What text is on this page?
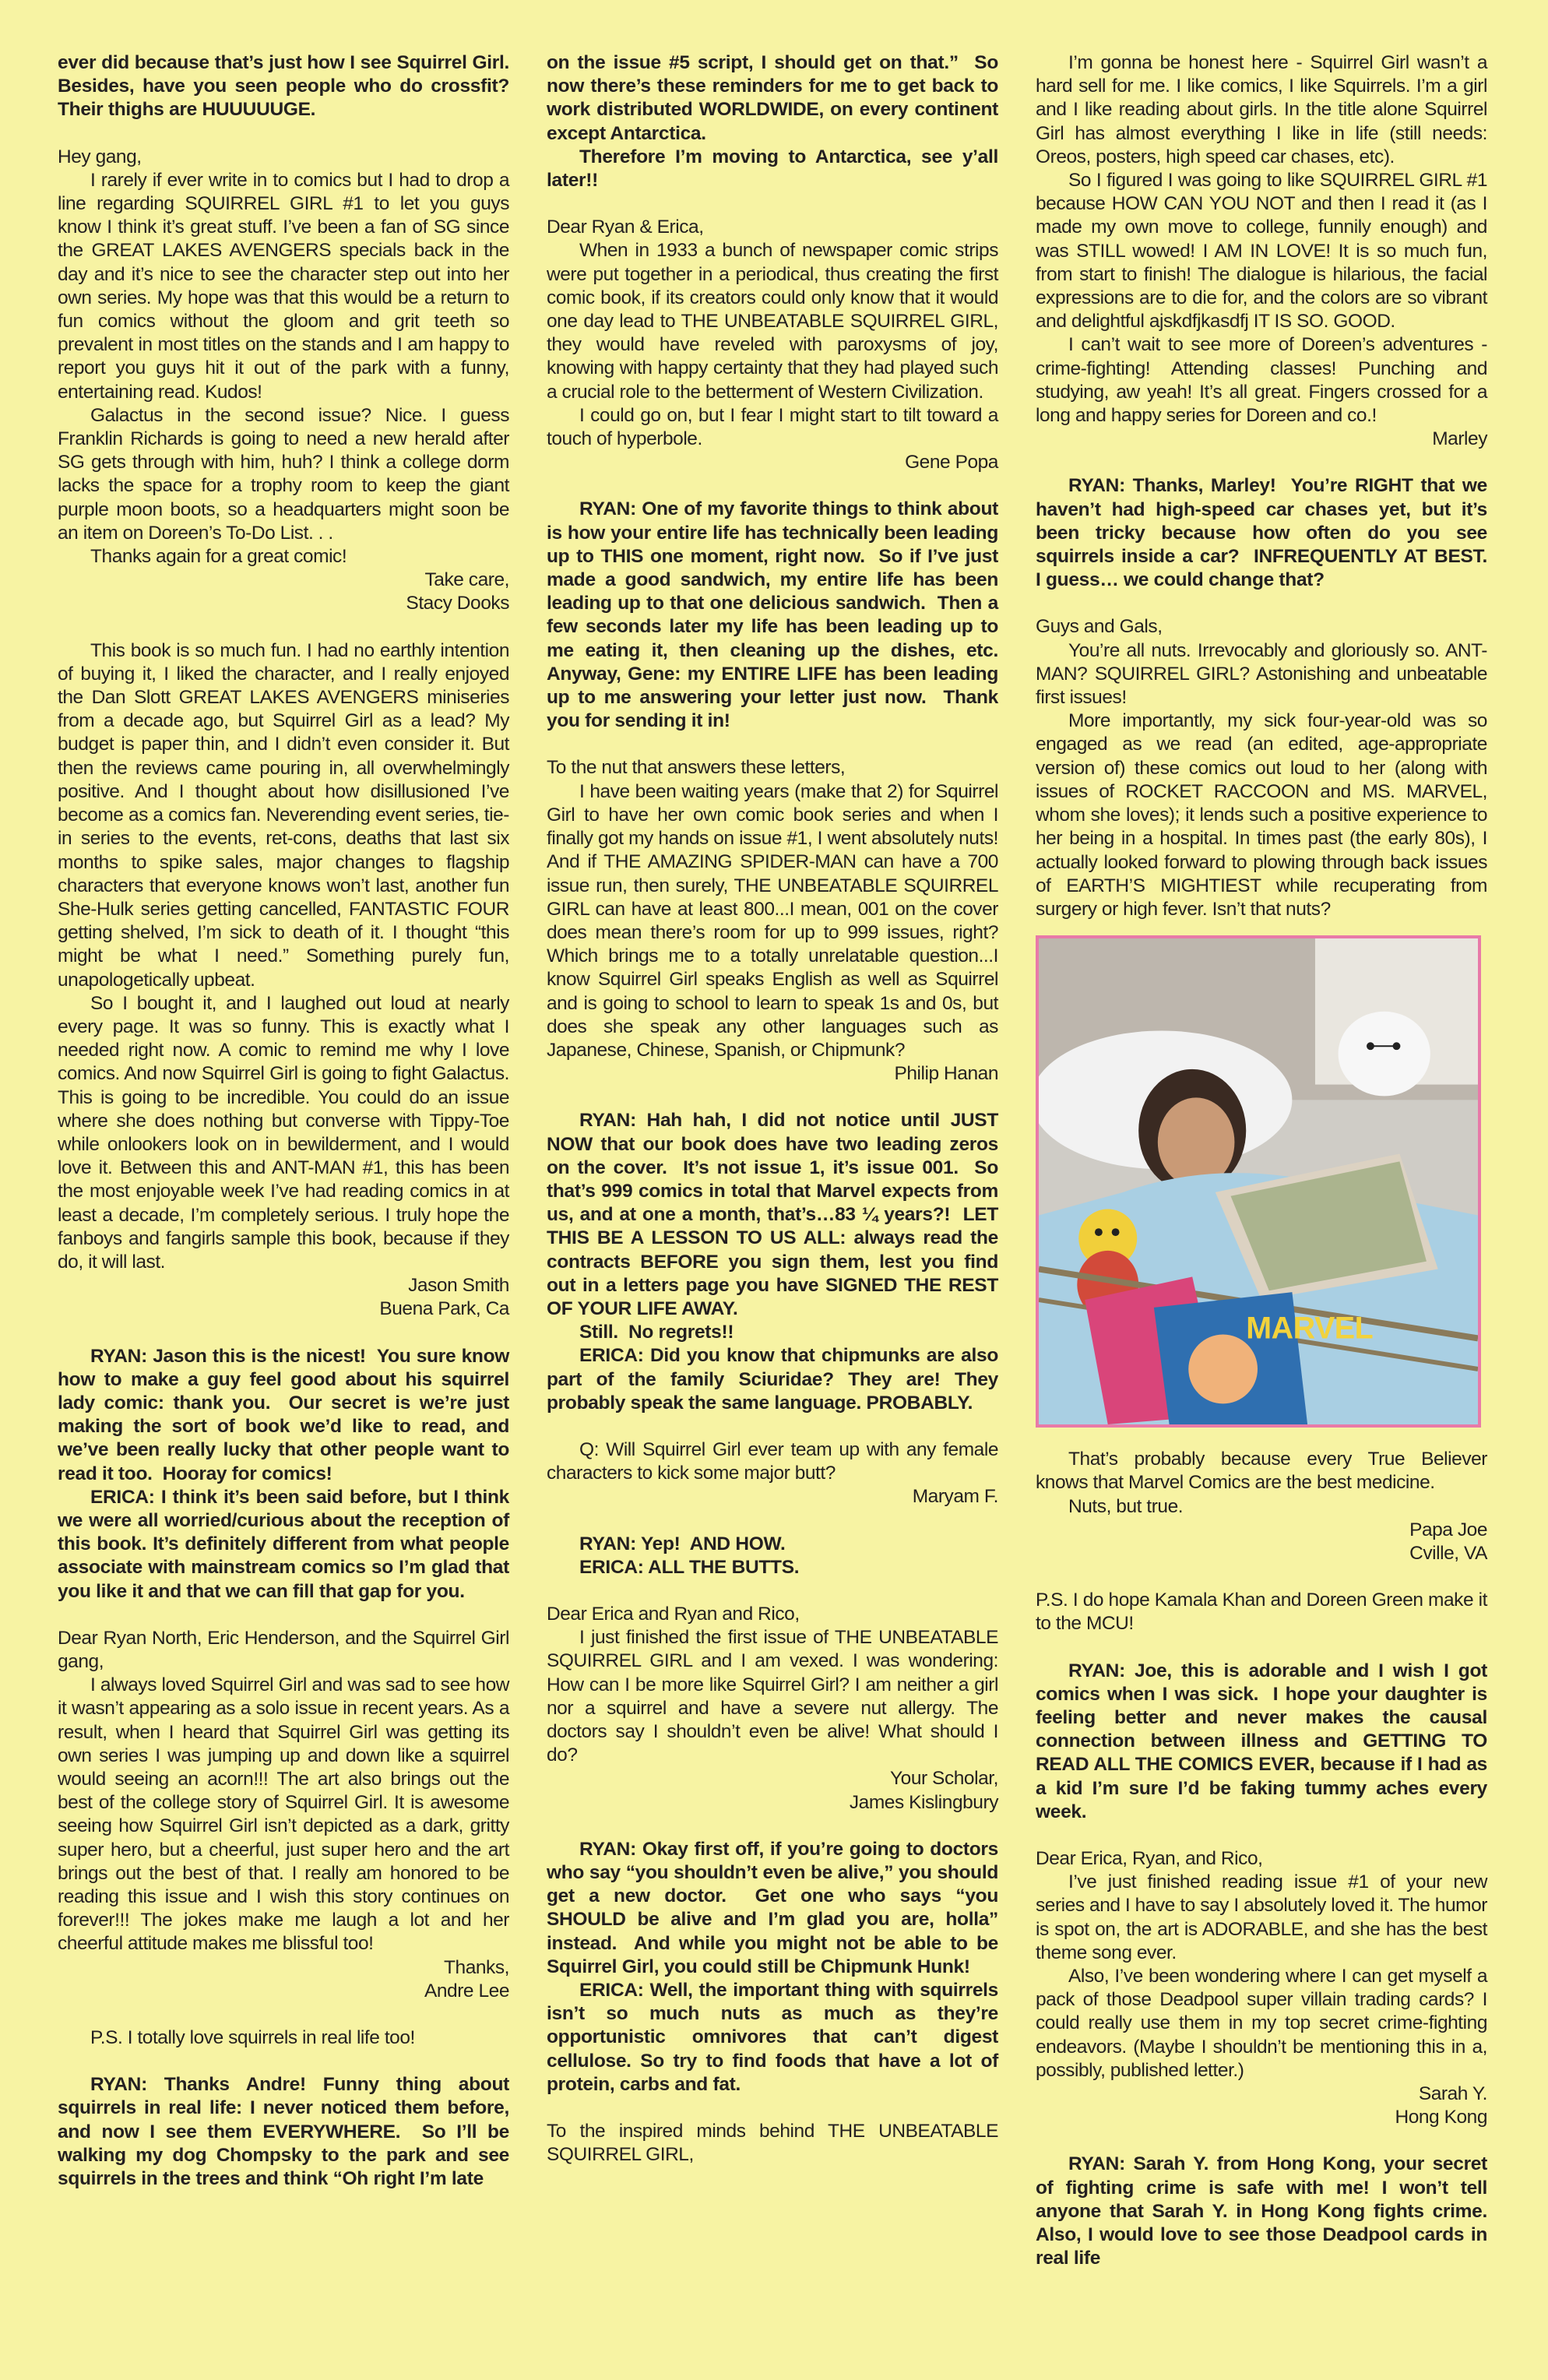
ever did because that’s just how I see Squirrel Girl. Besides, have you seen people who do crossfit? Their thighs are HUUUUUGE.

Hey gang,

I rarely if ever write in to comics but I had to drop a line regarding SQUIRREL GIRL #1 to let you guys know I think it’s great stuff. I’ve been a fan of SG since the GREAT LAKES AVENGERS specials back in the day and it’s nice to see the character step out into her own series. My hope was that this would be a return to fun comics without the gloom and grit teeth so prevalent in most titles on the stands and I am happy to report you guys hit it out of the park with a funny, entertaining read. Kudos!

Galactus in the second issue? Nice. I guess Franklin Richards is going to need a new herald after SG gets through with him, huh? I think a college dorm lacks the space for a trophy room to keep the giant purple moon boots, so a headquarters might soon be an item on Doreen’s To-Do List. . .

Thanks again for a great comic!

Take care,

Stacy Dooks

This book is so much fun. I had no earthly intention of buying it, I liked the character, and I really enjoyed the Dan Slott GREAT LAKES AVENGERS miniseries from a decade ago, but Squirrel Girl as a lead? My budget is paper thin, and I didn’t even consider it. But then the reviews came pouring in, all overwhelmingly positive. And I thought about how disillusioned I’ve become as a comics fan. Neverending event series, tie-in series to the events, ret-cons, deaths that last six months to spike sales, major changes to flagship characters that everyone knows won’t last, another fun She-Hulk series getting cancelled, FANTASTIC FOUR getting shelved, I’m sick to death of it. I thought “this might be what I need.” Something purely fun, unapologetically upbeat.

So I bought it, and I laughed out loud at nearly every page. It was so funny. This is exactly what I needed right now. A comic to remind me why I love comics. And now Squirrel Girl is going to fight Galactus. This is going to be incredible. You could do an issue where she does nothing but converse with Tippy-Toe while onlookers look on in bewilderment, and I would love it. Between this and ANT-MAN #1, this has been the most enjoyable week I’ve had reading comics in at least a decade, I’m completely serious. I truly hope the fanboys and fangirls sample this book, because if they do, it will last.

Jason Smith

Buena Park, Ca

RYAN: Jason this is the nicest!  You sure know how to make a guy feel good about his squirrel lady comic: thank you.  Our secret is we’re just making the sort of book we’d like to read, and we’ve been really lucky that other people want to read it too.  Hooray for comics!

ERICA: I think it’s been said before, but I think we were all worried/curious about the reception of this book. It’s definitely different from what people associate with mainstream comics so I’m glad that you like it and that we can fill that gap for you.

Dear Ryan North, Eric Henderson, and the Squirrel Girl gang,

I always loved Squirrel Girl and was sad to see how it wasn’t appearing as a solo issue in recent years. As a result, when I heard that Squirrel Girl was getting its own series I was jumping up and down like a squirrel would seeing an acorn!!! The art also brings out the best of the college story of Squirrel Girl. It is awesome seeing how Squirrel Girl isn’t depicted as a dark, gritty super hero, but a cheerful, just super hero and the art brings out the best of that. I really am honored to be reading this issue and I wish this story continues on forever!!! The jokes make me laugh a lot and her cheerful attitude makes me blissful too!

Thanks,

Andre Lee

P.S. I totally love squirrels in real life too!

RYAN: Thanks Andre! Funny thing about squirrels in real life: I never noticed them before, and now I see them EVERYWHERE.  So I’ll be walking my dog Chompsky to the park and see squirrels in the trees and think “Oh right I’m late

on the issue #5 script, I should get on that.”  So now there’s these reminders for me to get back to work distributed WORLDWIDE, on every continent except Antarctica.

Therefore I’m moving to Antarctica, see y’all later!!

Dear Ryan & Erica,

When in 1933 a bunch of newspaper comic strips were put together in a periodical, thus creating the first comic book, if its creators could only know that it would one day lead to THE UNBEATABLE SQUIRREL GIRL, they would have reveled with paroxysms of joy, knowing with happy certainty that they had played such a crucial role to the betterment of Western Civilization.

I could go on, but I fear I might start to tilt toward a touch of hyperbole.

Gene Popa

RYAN: One of my favorite things to think about is how your entire life has technically been leading up to THIS one moment, right now.  So if I’ve just made a good sandwich, my entire life has been leading up to that one delicious sandwich.  Then a few seconds later my life has been leading up to me eating it, then cleaning up the dishes, etc.  Anyway, Gene: my ENTIRE LIFE has been leading up to me answering your letter just now.  Thank you for sending it in!

To the nut that answers these letters,

I have been waiting years (make that 2) for Squirrel Girl to have her own comic book series and when I finally got my hands on issue #1, I went absolutely nuts!  And if THE AMAZING SPIDER-MAN can have a 700 issue run, then surely, THE UNBEATABLE SQUIRREL GIRL can have at least 800...I mean, 001 on the cover does mean there’s room for up to 999 issues, right?   Which brings me to a totally unrelatable question...I know Squirrel Girl speaks English as well as Squirrel and is going to school to learn to speak 1s and 0s, but does she speak any other languages such as Japanese, Chinese, Spanish, or Chipmunk?

Philip Hanan

RYAN: Hah hah, I did not notice until JUST NOW that our book does have two leading zeros on the cover.  It’s not issue 1, it’s issue 001.  So that’s 999 comics in total that Marvel expects from us, and at one a month, that’s…83 ¼ years?!  LET THIS BE A LESSON TO US ALL: always read the contracts BEFORE you sign them, lest you find out in a letters page you have SIGNED THE REST OF YOUR LIFE AWAY.

Still.  No regrets!!

ERICA: Did you know that chipmunks are also part of the family Sciuridae? They are! They probably speak the same language. PROBABLY.

Q: Will Squirrel Girl ever team up with any female characters to kick some major butt?

Maryam F.

RYAN: Yep!  AND HOW.

ERICA: ALL THE BUTTS.

Dear Erica and Ryan and Rico,

I just finished the first issue of THE UNBEATABLE SQUIRREL GIRL and I am vexed. I was wondering: How can I be more like Squirrel Girl? I am neither a girl nor a squirrel and have a severe nut allergy. The doctors say I shouldn’t even be alive! What should I do?

Your Scholar,

James Kislingbury

RYAN: Okay first off, if you’re going to doctors who say “you shouldn’t even be alive,” you should get a new doctor.  Get one who says “you SHOULD be alive and I’m glad you are, holla” instead.  And while you might not be able to be Squirrel Girl, you could still be Chipmunk Hunk!

ERICA: Well, the important thing with squirrels isn’t so much nuts as much as they’re opportunistic omnivores that can’t digest cellulose. So try to find foods that have a lot of protein, carbs and fat.

To the inspired minds behind THE UNBEATABLE SQUIRREL GIRL,

I’m gonna be honest here - Squirrel Girl wasn’t a hard sell for me. I like comics, I like Squirrels. I’m a girl and I like reading about girls. In the title alone Squirrel Girl has almost everything I like in life (still needs: Oreos, posters, high speed car chases, etc).

So I figured I was going to like SQUIRREL GIRL #1 because HOW CAN YOU NOT and then I read it (as I made my own move to college, funnily enough) and was STILL wowed! I AM IN LOVE! It is so much fun, from start to finish! The dialogue is hilarious, the facial expressions are to die for, and the colors are so vibrant and delightful ajskdfjkasdfj IT IS SO. GOOD.

I can’t wait to see more of Doreen’s adventures - crime-fighting! Attending classes! Punching and studying, aw yeah! It’s all great. Fingers crossed for a long and happy series for Doreen and co.!

Marley

RYAN: Thanks, Marley!  You’re RIGHT that we haven’t had high-speed car chases yet, but it’s been tricky because how often do you see squirrels inside a car?  INFREQUENTLY AT BEST.  I guess… we could change that?

Guys and Gals,

You’re all nuts. Irrevocably and gloriously so. ANT-MAN? SQUIRREL GIRL? Astonishing and unbeatable first issues!

More importantly, my sick four-year-old was so engaged as we read (an edited, age-appropriate version of) these comics out loud to her (along with issues of ROCKET RACCOON and MS. MARVEL, whom she loves); it lends such a positive experience to her being in a hospital. In times past (the early 80s), I actually looked forward to plowing through back issues of EARTH’S MIGHTIEST while recuperating from surgery or high fever. Isn’t that nuts?

MARVEL

That’s probably because every True Believer knows that Marvel Comics are the best medicine.

Nuts, but true.

Papa Joe

Cville, VA

P.S. I do hope Kamala Khan and Doreen Green make it to the MCU!

RYAN: Joe, this is adorable and I wish I got comics when I was sick.  I hope your daughter is feeling better and never makes the causal connection between illness and GETTING TO READ ALL THE COMICS EVER, because if I had as a kid I’m sure I’d be faking tummy aches every week.

Dear Erica, Ryan, and Rico,

I’ve just finished reading issue #1 of your new series and I have to say I absolutely loved it. The humor is spot on, the art is ADORABLE, and she has the best theme song ever.

Also, I’ve been wondering where I can get myself a pack of those Deadpool super villain trading cards? I could really use them in my top secret crime-fighting endeavors. (Maybe I shouldn’t be mentioning this in a, possibly, published letter.)

Sarah Y.

Hong Kong

RYAN: Sarah Y. from Hong Kong, your secret of fighting crime is safe with me! I won’t tell anyone that Sarah Y. in Hong Kong fights crime.  Also, I would love to see those Deadpool cards in real life
